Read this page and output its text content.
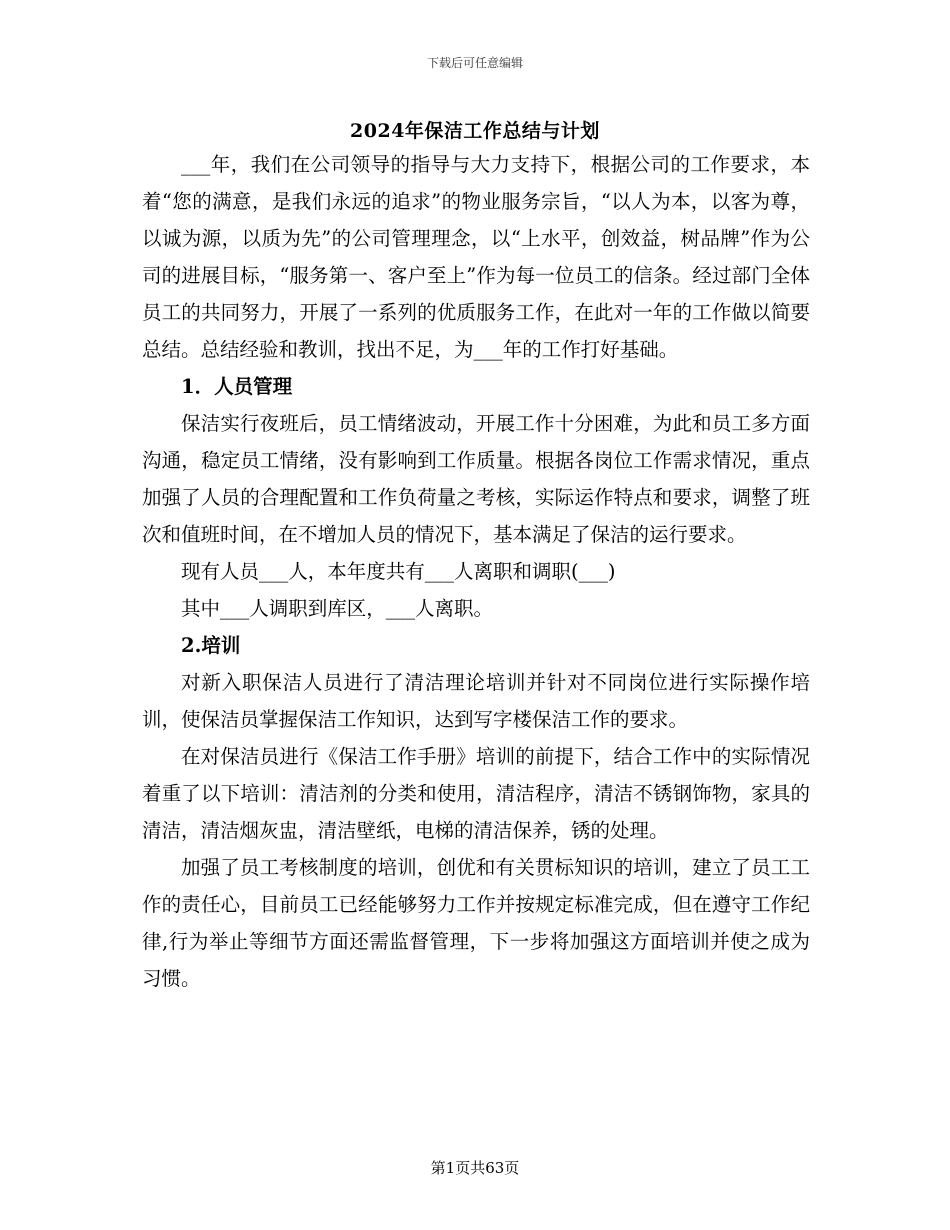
下载后可任意编辑
2024年保洁工作总结与计划

___年，我们在公司领导的指导与大力支持下，根据公司的工作要求，本着“您的满意，是我们永远的追求”的物业服务宗旨，“以人为本，以客为尊，以诚为源，以质为先”的公司管理理念，以“上水平，创效益，树品牌”作为公司的进展目标，“服务第一、客户至上”作为每一位员工的信条。经过部门全体员工的共同努力，开展了一系列的优质服务工作，在此对一年的工作做以简要总结。总结经验和教训，找出不足，为___年的工作打好基础。

1．人员管理

保洁实行夜班后，员工情绪波动，开展工作十分困难，为此和员工多方面沟通，稳定员工情绪，没有影响到工作质量。根据各岗位工作需求情况，重点加强了人员的合理配置和工作负荷量之考核，实际运作特点和要求，调整了班次和值班时间，在不增加人员的情况下，基本满足了保洁的运行要求。

现有人员___人，本年度共有___人离职和调职(___)

其中___人调职到库区，___人离职。

2.培训

对新入职保洁人员进行了清洁理论培训并针对不同岗位进行实际操作培训，使保洁员掌握保洁工作知识，达到写字楼保洁工作的要求。

在对保洁员进行《保洁工作手册》培训的前提下，结合工作中的实际情况着重了以下培训：清洁剂的分类和使用，清洁程序，清洁不锈钢饰物，家具的清洁，清洁烟灰盅，清洁壁纸，电梯的清洁保养，锈的处理。

加强了员工考核制度的培训，创优和有关贯标知识的培训，建立了员工工作的责任心，目前员工已经能够努力工作并按规定标准完成，但在遵守工作纪律,行为举止等细节方面还需监督管理，下一步将加强这方面培训并使之成为习惯。

第1页共63页
